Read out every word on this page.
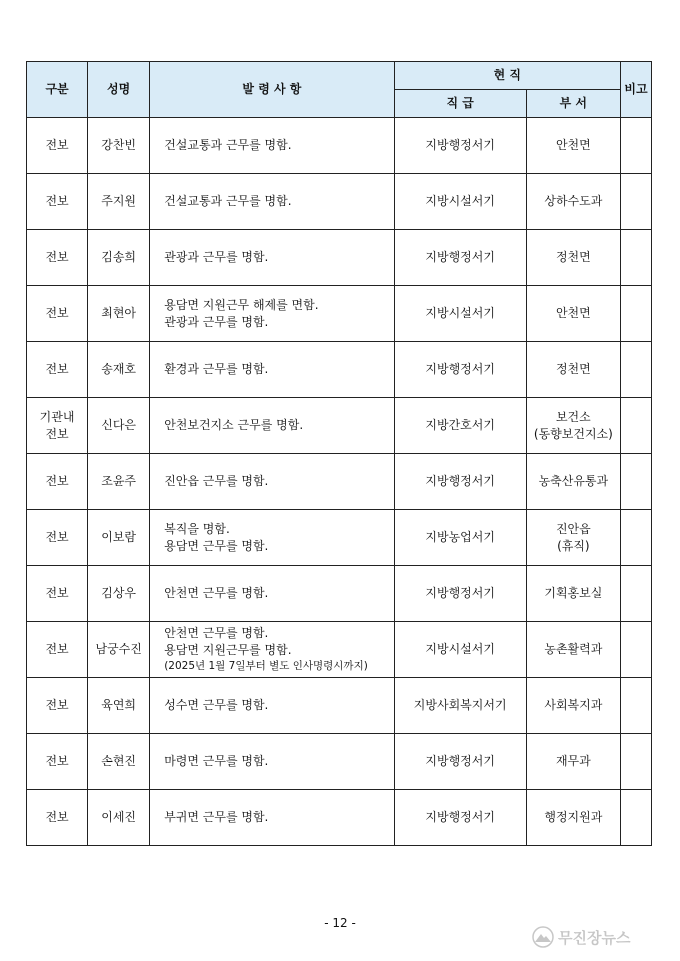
구분	성명	발 령 사 항	현 직		비고
			직 급	부 서	

전보	강찬빈	건설교통과 근무를 명함.	지방행정서기	안천면	

전보	주지원	건설교통과 근무를 명함.	지방시설서기	상하수도과	

전보	김송희	관광과 근무를 명함.	지방행정서기	정천면	

전보	최현아	용담면 지원근무 해제를 면함.
관광과 근무를 명함.	지방시설서기	안천면	

전보	송재호	환경과 근무를 명함.	지방행정서기	정천면	

기관내
전보	신다은	안천보건지소 근무를 명함.	지방간호서기	보건소
(동향보건지소)	

전보	조윤주	진안읍 근무를 명함.	지방행정서기	농축산유통과	

전보	이보람	복직을 명함.
용담면 근무를 명함.	지방농업서기	진안읍
(휴직)	

전보	김상우	안천면 근무를 명함.	지방행정서기	기획홍보실	

전보	남궁수진	안천면 근무를 명함.
용담면 지원근무를 명함.
(2025년 1월 7일부터 별도 인사명령시까지)	지방시설서기	농촌활력과	

전보	육연희	성수면 근무를 명함.	지방사회복지서기	사회복지과	

전보	손현진	마령면 근무를 명함.	지방행정서기	재무과	

전보	이세진	부귀면 근무를 명함.	지방행정서기	행정지원과	

- 12 -
무진장뉴스
